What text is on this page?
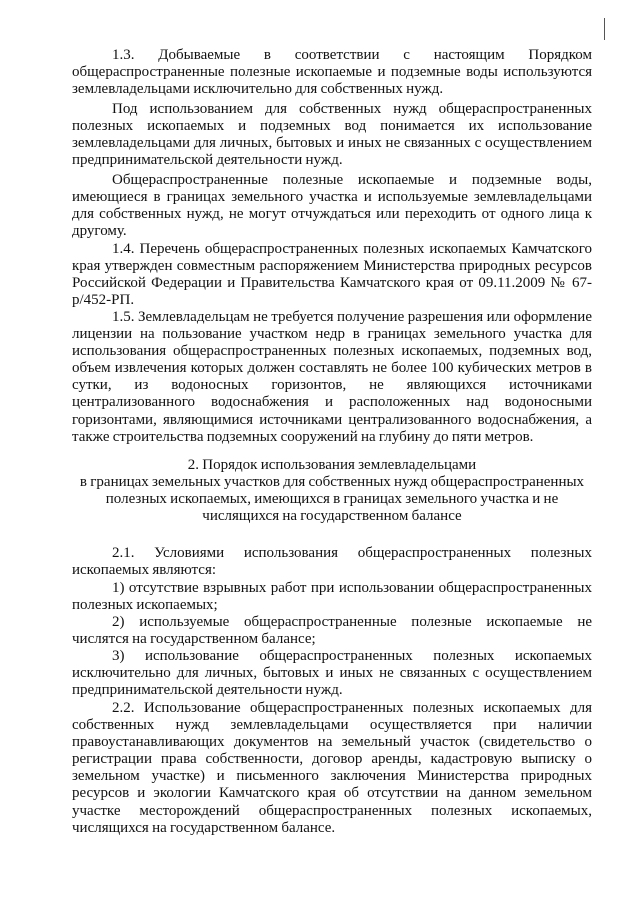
1.3. Добываемые в соответствии с настоящим Порядком общераспространенные полезные ископаемые и подземные воды используются землевладельцами исключительно для собственных нужд.

Под использованием для собственных нужд общераспространенных полезных ископаемых и подземных вод понимается их использование землевладельцами для личных, бытовых и иных не связанных с осуществлением предпринимательской деятельности нужд.

Общераспространенные полезные ископаемые и подземные воды, имеющиеся в границах земельного участка и используемые землевладельцами для собственных нужд, не могут отчуждаться или переходить от одного лица к другому.

1.4. Перечень общераспространенных полезных ископаемых Камчатского края утвержден совместным распоряжением Министерства природных ресурсов Российской Федерации и Правительства Камчатского края от 09.11.2009 № 67-р/452-РП.

1.5. Землевладельцам не требуется получение разрешения или оформление лицензии на пользование участком недр в границах земельного участка для использования общераспространенных полезных ископаемых, подземных вод, объем извлечения которых должен составлять не более 100 кубических метров в сутки, из водоносных горизонтов, не являющихся источниками централизованного водоснабжения и расположенных над водоносными горизонтами, являющимися источниками централизованного водоснабжения, а также строительства подземных сооружений на глубину до пяти метров.

2. Порядок использования землевладельцами
в границах земельных участков для собственных нужд общераспространенных полезных ископаемых, имеющихся в границах земельного участка и не числящихся на государственном балансе

2.1. Условиями использования общераспространенных полезных ископаемых являются:

1) отсутствие взрывных работ при использовании общераспространенных полезных ископаемых;

2) используемые общераспространенные полезные ископаемые не числятся на государственном балансе;

3) использование общераспространенных полезных ископаемых исключительно для личных, бытовых и иных не связанных с осуществлением предпринимательской деятельности нужд.

2.2. Использование общераспространенных полезных ископаемых для собственных нужд землевладельцами осуществляется при наличии правоустанавливающих документов на земельный участок (свидетельство о регистрации права собственности, договор аренды, кадастровую выписку о земельном участке) и письменного заключения Министерства природных ресурсов и экологии Камчатского края об отсутствии на данном земельном участке месторождений общераспространенных полезных ископаемых, числящихся на государственном балансе.
